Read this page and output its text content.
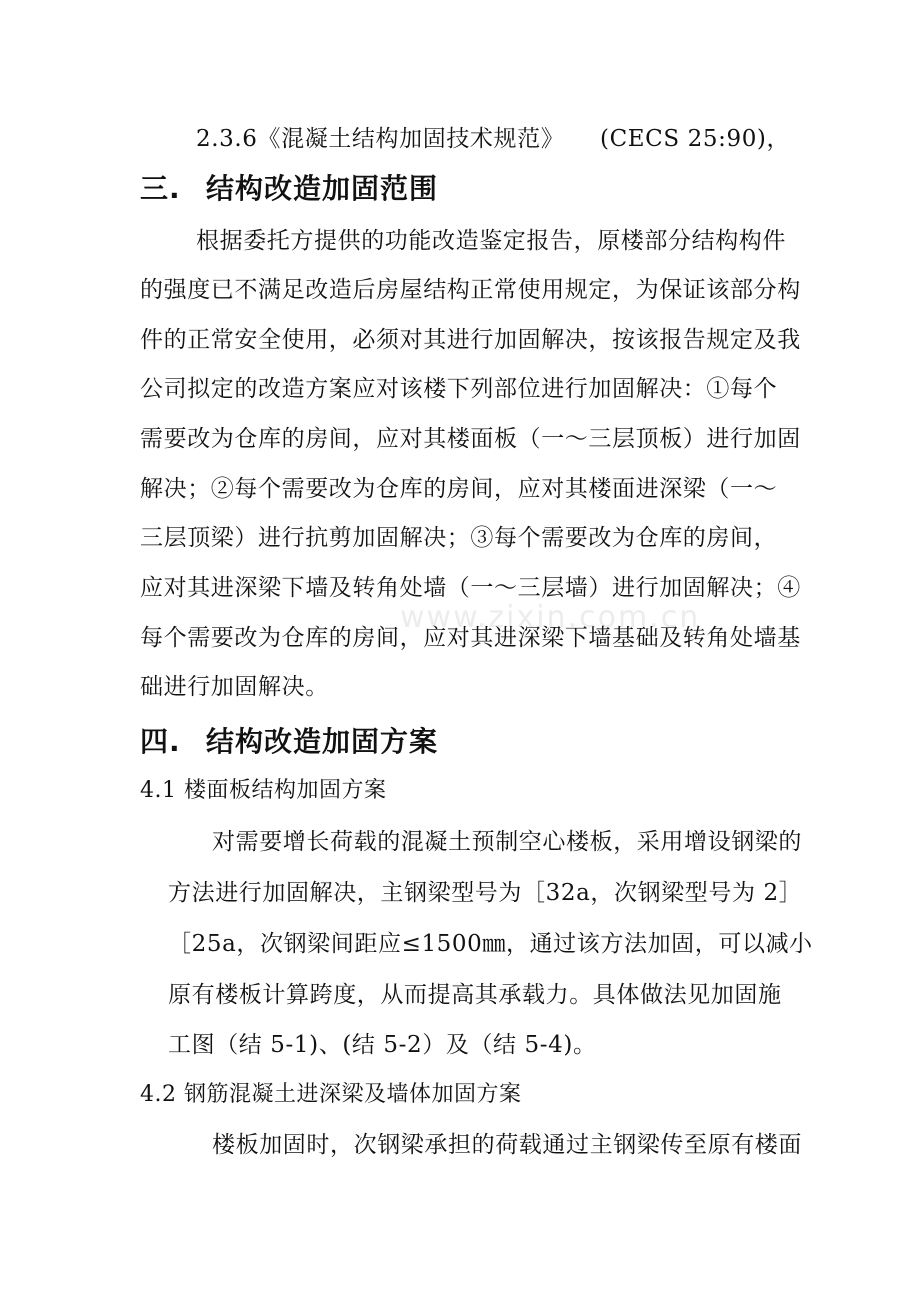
2.3.6《混凝土结构加固技术规范》　　(CECS 25:90)，
三. 结构改造加固范围
根据委托方提供的功能改造鉴定报告，原楼部分结构构件
的强度已不满足改造后房屋结构正常使用规定，为保证该部分构
件的正常安全使用，必须对其进行加固解决，按该报告规定及我
公司拟定的改造方案应对该楼下列部位进行加固解决：①每个
需要改为仓库的房间，应对其楼面板（一～三层顶板）进行加固
解决；②每个需要改为仓库的房间，应对其楼面进深梁（一～
三层顶梁）进行抗剪加固解决；③每个需要改为仓库的房间，
应对其进深梁下墙及转角处墙（一～三层墙）进行加固解决；④
每个需要改为仓库的房间，应对其进深梁下墙基础及转角处墙基
础进行加固解决。
www.zixin.com.cn
四. 结构改造加固方案
4.1 楼面板结构加固方案
对需要增长荷载的混凝土预制空心楼板，采用增设钢梁的
方法进行加固解决，主钢梁型号为［32a，次钢梁型号为 2］
［25a，次钢梁间距应≤1500㎜，通过该方法加固，可以减小
原有楼板计算跨度，从而提高其承载力。具体做法见加固施
工图（结 5-1)、(结 5-2）及（结 5-4)。
4.2 钢筋混凝土进深梁及墙体加固方案
楼板加固时，次钢梁承担的荷载通过主钢梁传至原有楼面
